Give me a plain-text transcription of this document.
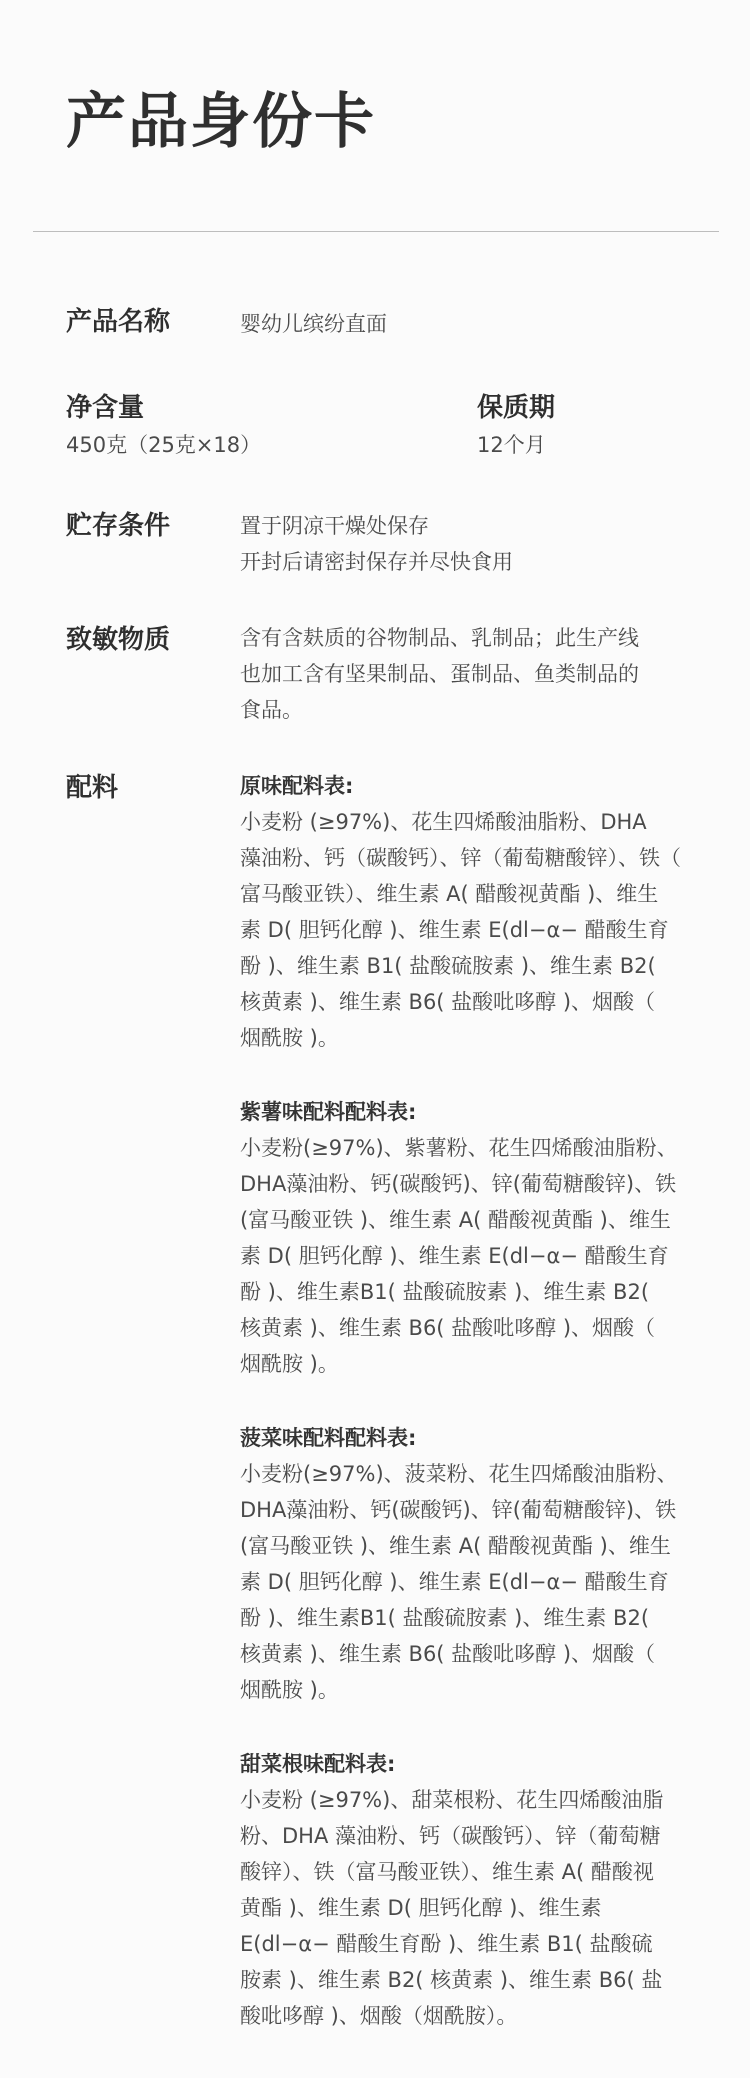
产品身份卡
产品名称	婴幼儿缤纷直面
净含量
450克（25克×18）
保质期
12个月
贮存条件	置于阴凉干燥处保存
开封后请密封保存并尽快食用
致敏物质	含有含麸质的谷物制品、乳制品；此生产线
也加工含有坚果制品、蛋制品、鱼类制品的
食品。
配料	原味配料表:
小麦粉 (≥97%)、花生四烯酸油脂粉、DHA
藻油粉、钙（碳酸钙）、锌（葡萄糖酸锌）、铁（
富马酸亚铁）、维生素 A( 醋酸视黄酯 )、维生
素 D( 胆钙化醇 )、维生素 E(dl−α− 醋酸生育
酚 )、维生素 B1( 盐酸硫胺素 )、维生素 B2(
核黄素 )、维生素 B6( 盐酸吡哆醇 )、烟酸（
烟酰胺 )。
紫薯味配料配料表:
小麦粉(≥97%)、紫薯粉、花生四烯酸油脂粉、
DHA藻油粉、钙(碳酸钙)、锌(葡萄糖酸锌)、铁
(富马酸亚铁 )、维生素 A( 醋酸视黄酯 )、维生
素 D( 胆钙化醇 )、维生素 E(dl−α− 醋酸生育
酚 )、维生素B1( 盐酸硫胺素 )、维生素 B2(
核黄素 )、维生素 B6( 盐酸吡哆醇 )、烟酸（
烟酰胺 )。
菠菜味配料配料表:
小麦粉(≥97%)、菠菜粉、花生四烯酸油脂粉、
DHA藻油粉、钙(碳酸钙)、锌(葡萄糖酸锌)、铁
(富马酸亚铁 )、维生素 A( 醋酸视黄酯 )、维生
素 D( 胆钙化醇 )、维生素 E(dl−α− 醋酸生育
酚 )、维生素B1( 盐酸硫胺素 )、维生素 B2(
核黄素 )、维生素 B6( 盐酸吡哆醇 )、烟酸（
烟酰胺 )。
甜菜根味配料表:
小麦粉 (≥97%)、甜菜根粉、花生四烯酸油脂
粉、DHA 藻油粉、钙（碳酸钙）、锌（葡萄糖
酸锌）、铁（富马酸亚铁）、维生素 A( 醋酸视
黄酯 )、维生素 D( 胆钙化醇 )、维生素
E(dl−α− 醋酸生育酚 )、维生素 B1( 盐酸硫
胺素 )、维生素 B2( 核黄素 )、维生素 B6( 盐
酸吡哆醇 )、烟酸（烟酰胺）。
